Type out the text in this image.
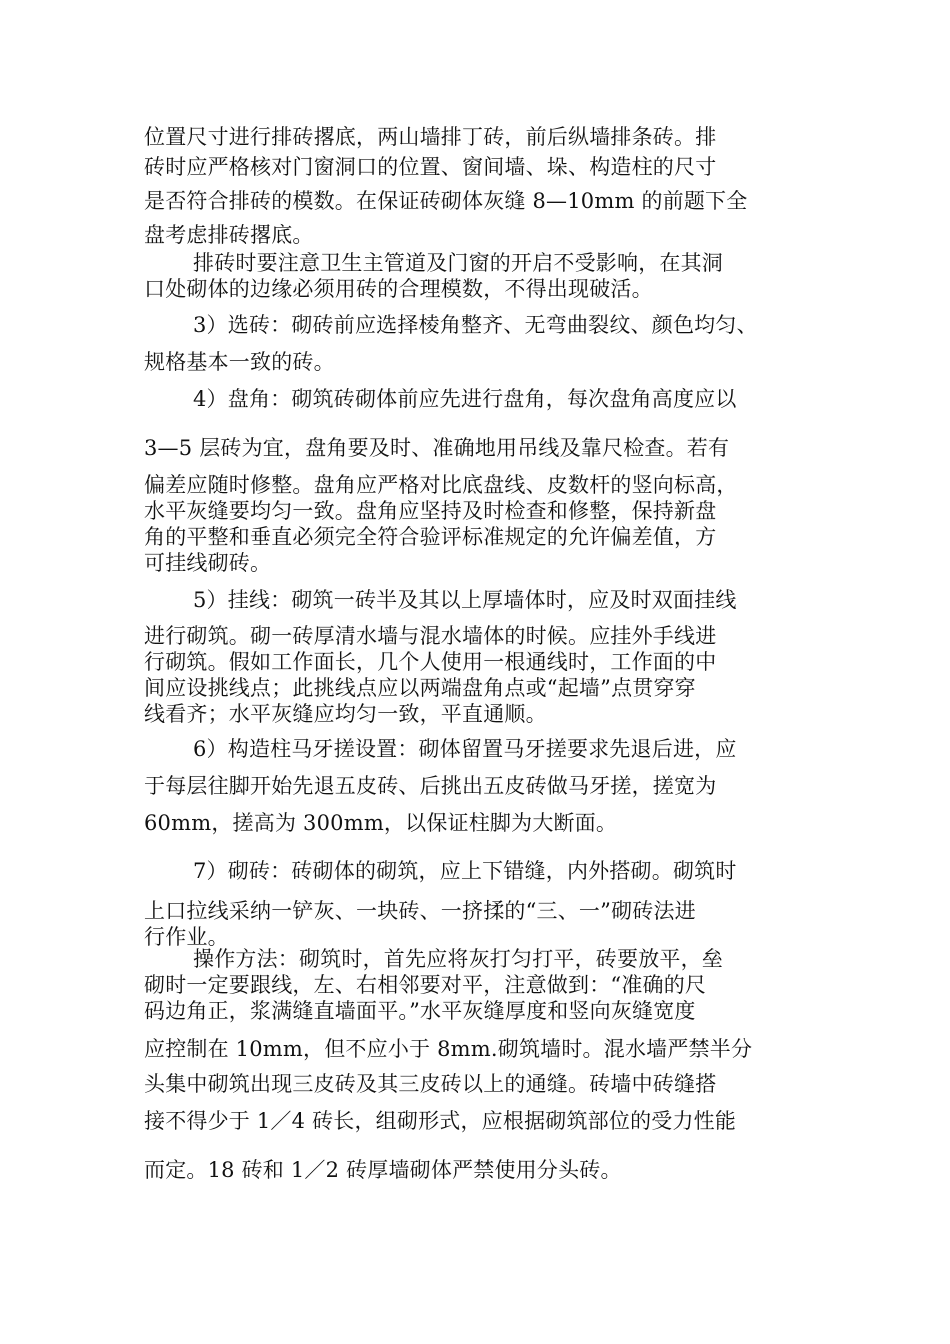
位置尺寸进行排砖撂底，两山墙排丁砖，前后纵墙排条砖。排

砖时应严格核对门窗洞口的位置、窗间墙、垛、构造柱的尺寸

是否符合排砖的模数。在保证砖砌体灰缝 8—10mm 的前题下全

盘考虑排砖撂底。

排砖时要注意卫生主管道及门窗的开启不受影响，在其洞

口处砌体的边缘必须用砖的合理模数，不得出现破活。

3）选砖：砌砖前应选择棱角整齐、无弯曲裂纹、颜色均匀、

规格基本一致的砖。

4）盘角：砌筑砖砌体前应先进行盘角，每次盘角高度应以

3—5 层砖为宜，盘角要及时、准确地用吊线及靠尺检查。若有

偏差应随时修整。盘角应严格对比底盘线、皮数杆的竖向标高，

水平灰缝要均匀一致。盘角应坚持及时检查和修整，保持新盘

角的平整和垂直必须完全符合验评标准规定的允许偏差值，方

可挂线砌砖。

5）挂线：砌筑一砖半及其以上厚墙体时，应及时双面挂线

进行砌筑。砌一砖厚清水墙与混水墙体的时候。应挂外手线进

行砌筑。假如工作面长，几个人使用一根通线时，工作面的中

间应设挑线点；此挑线点应以两端盘角点或“起墙”点贯穿穿

线看齐；水平灰缝应均匀一致，平直通顺。

6）构造柱马牙搓设置：砌体留置马牙搓要求先退后进，应

于每层往脚开始先退五皮砖、后挑出五皮砖做马牙搓，搓宽为

60mm，搓高为 300mm，以保证柱脚为大断面。

7）砌砖：砖砌体的砌筑，应上下错缝，内外搭砌。砌筑时

上口拉线采纳一铲灰、一块砖、一挤揉的“三、一”砌砖法进

行作业。

操作方法：砌筑时，首先应将灰打匀打平，砖要放平，垒

砌时一定要跟线，左、右相邻要对平，注意做到：“准确的尺

码边角正，浆满缝直墙面平。”水平灰缝厚度和竖向灰缝宽度

应控制在 10mm，但不应小于 8mm.砌筑墙时。混水墙严禁半分

头集中砌筑出现三皮砖及其三皮砖以上的通缝。砖墙中砖缝搭

接不得少于 1／4 砖长，组砌形式，应根据砌筑部位的受力性能

而定。18 砖和 1／2 砖厚墙砌体严禁使用分头砖。
